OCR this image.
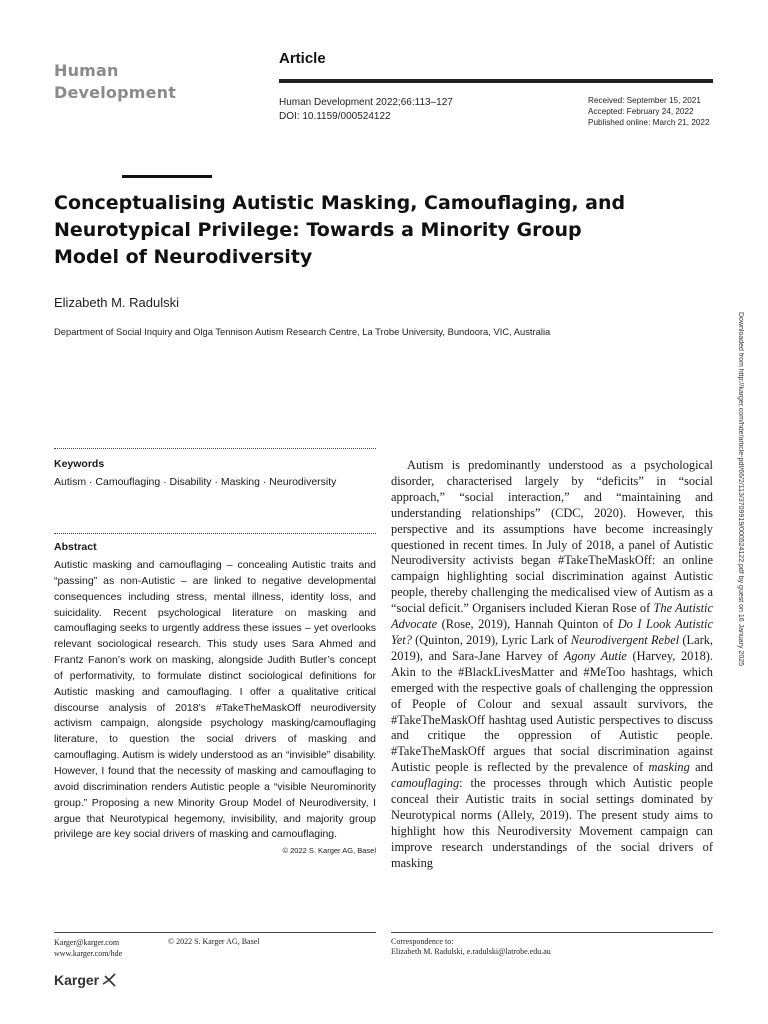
Human
Development
Article
Human Development 2022;66:113–127
DOI: 10.1159/000524122
Received: September 15, 2021
Accepted: February 24, 2022
Published online: March 21, 2022
Conceptualising Autistic Masking, Camouflaging, and Neurotypical Privilege: Towards a Minority Group Model of Neurodiversity
Elizabeth M. Radulski
Department of Social Inquiry and Olga Tennison Autism Research Centre, La Trobe University, Bundoora, VIC, Australia
Keywords
Autism · Camouflaging · Disability · Masking · Neurodiversity
Abstract
Autistic masking and camouflaging – concealing Autistic traits and “passing” as non-Autistic – are linked to negative developmental consequences including stress, mental illness, identity loss, and suicidality. Recent psychological literature on masking and camouflaging seeks to urgently address these issues – yet overlooks relevant sociological research. This study uses Sara Ahmed and Frantz Fanon’s work on masking, alongside Judith Butler’s concept of performativity, to formulate distinct sociological definitions for Autistic masking and camouflaging. I offer a qualitative critical discourse analysis of 2018’s #TakeTheMaskOff neurodiversity activism campaign, alongside psychology masking/camouflaging literature, to question the social drivers of masking and camouflaging. Autism is widely understood as an “invisible” disability. However, I found that the necessity of masking and camouflaging to avoid discrimination renders Autistic people a “visible Neurominority group.” Proposing a new Minority Group Model of Neurodiversity, I argue that Neurotypical hegemony, invisibility, and majority group privilege are key social drivers of masking and camouflaging.
© 2022 S. Karger AG, Basel
Autism is predominantly understood as a psychological disorder, characterised largely by “deficits” in “social approach,” “social interaction,” and “maintaining and understanding relationships” (CDC, 2020). However, this perspective and its assumptions have become increasingly questioned in recent times. In July of 2018, a panel of Autistic Neurodiversity activists began #TakeTheMaskOff: an online campaign highlighting social discrimination against Autistic people, thereby challenging the medicalised view of Autism as a “social deficit.” Organisers included Kieran Rose of The Autistic Advocate (Rose, 2019), Hannah Quinton of Do I Look Autistic Yet? (Quinton, 2019), Lyric Lark of Neurodivergent Rebel (Lark, 2019), and Sara-Jane Harvey of Agony Autie (Harvey, 2018). Akin to the #BlackLivesMatter and #MeToo hashtags, which emerged with the respective goals of challenging the oppression of People of Colour and sexual assault survivors, the #TakeTheMaskOff hashtag used Autistic perspectives to discuss and critique the oppression of Autistic people. #TakeTheMaskOff argues that social discrimination against Autistic people is reflected by the prevalence of masking and camouflaging: the processes through which Autistic people conceal their Autistic traits in social settings dominated by Neurotypical norms (Allely, 2019). The present study aims to highlight how this Neurodiversity Movement campaign can improve research understandings of the social drivers of masking
Downloaded from http://karger.com/hde/article-pdf/66/2/113/3709919/000524122.pdf by guest on 16 January 2025
Karger@karger.com
www.karger.com/hde
© 2022 S. Karger AG, Basel	Correspondence to:
Elizabeth M. Radulski, e.radulski@latrobe.edu.au
Karger
